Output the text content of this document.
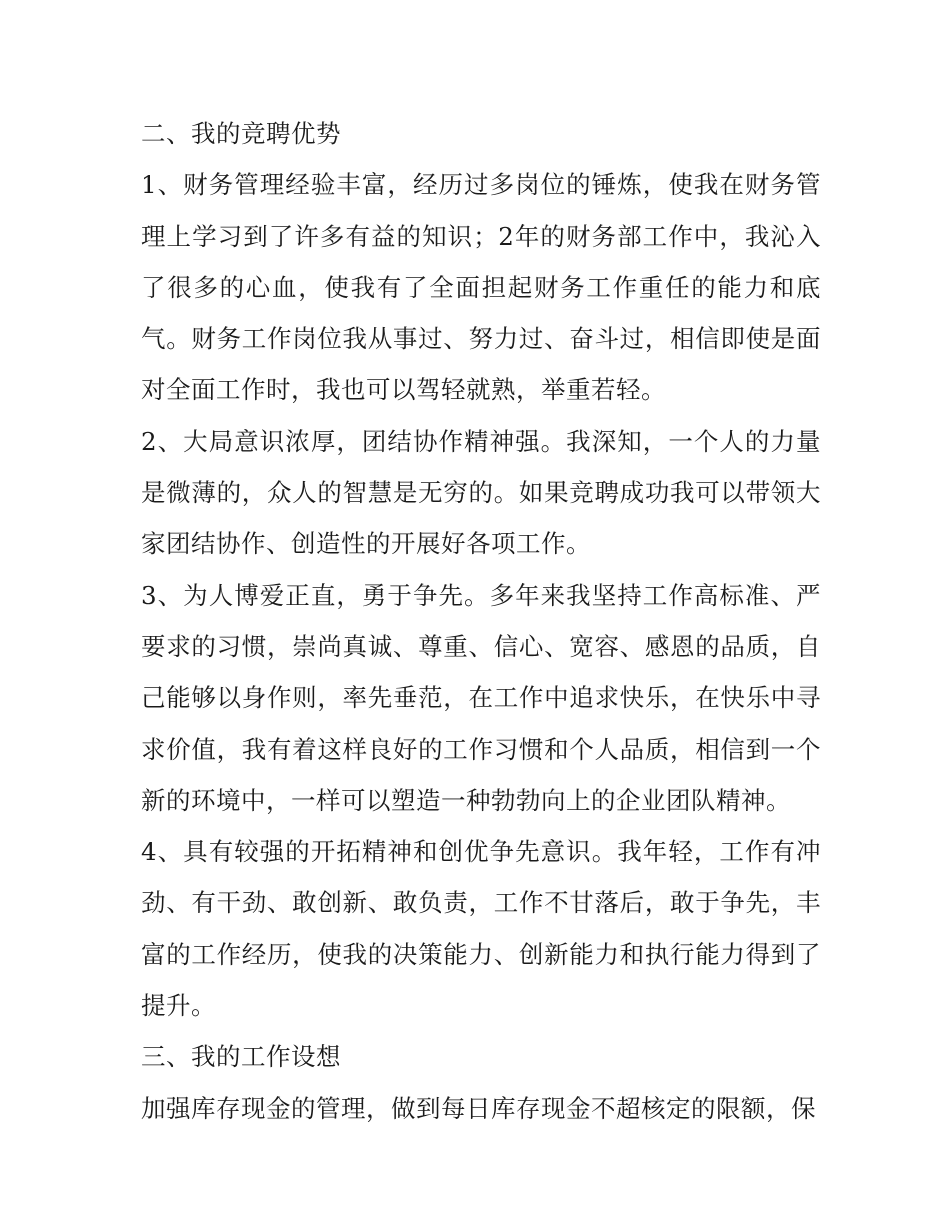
二、我的竞聘优势

1、财务管理经验丰富，经历过多岗位的锤炼，使我在财务管理上学习到了许多有益的知识；2年的财务部工作中，我沁入了很多的心血，使我有了全面担起财务工作重任的能力和底气。财务工作岗位我从事过、努力过、奋斗过，相信即使是面对全面工作时，我也可以驾轻就熟，举重若轻。

2、大局意识浓厚，团结协作精神强。我深知，一个人的力量是微薄的，众人的智慧是无穷的。如果竞聘成功我可以带领大家团结协作、创造性的开展好各项工作。

3、为人博爱正直，勇于争先。多年来我坚持工作高标准、严要求的习惯，崇尚真诚、尊重、信心、宽容、感恩的品质，自己能够以身作则，率先垂范，在工作中追求快乐，在快乐中寻求价值，我有着这样良好的工作习惯和个人品质，相信到一个新的环境中，一样可以塑造一种勃勃向上的企业团队精神。

4、具有较强的开拓精神和创优争先意识。我年轻，工作有冲劲、有干劲、敢创新、敢负责，工作不甘落后，敢于争先，丰富的工作经历，使我的决策能力、创新能力和执行能力得到了提升。

三、我的工作设想

加强库存现金的管理，做到每日库存现金不超核定的限额，保
